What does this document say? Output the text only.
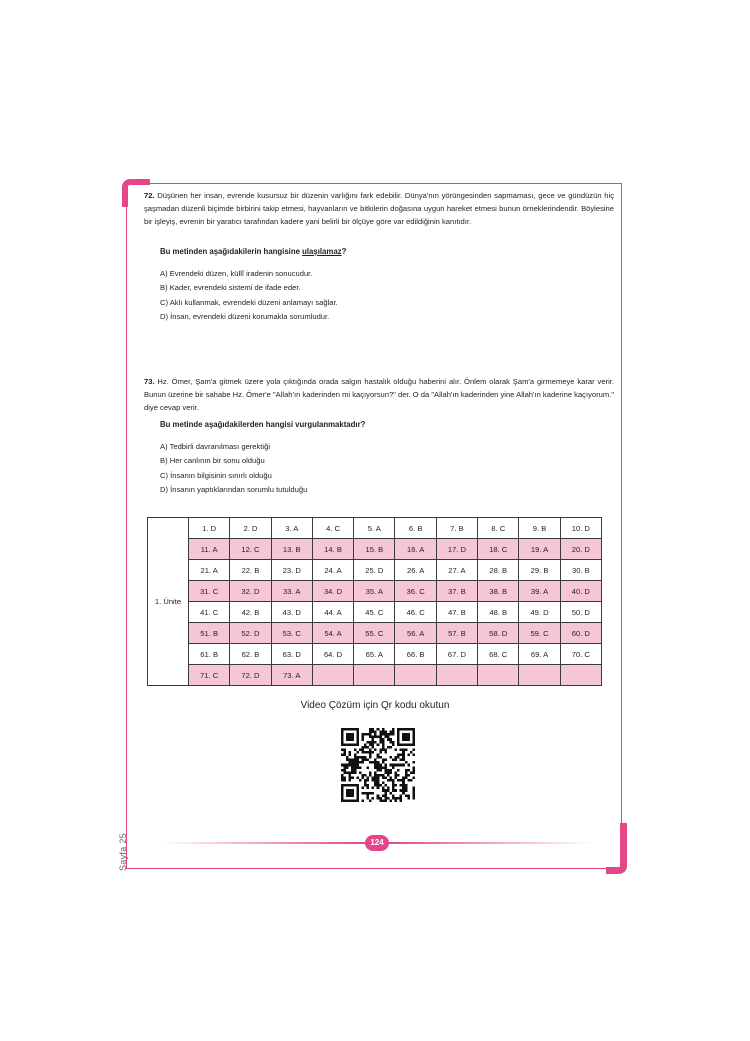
72. Düşünen her insan, evrende kusursuz bir düzenin varlığını fark edebilir. Dünya'nın yörüngesinden sapmaması, gece ve gündüzün hiç şaşmadan düzenli biçimde birbirini takip etmesi, hayvanların ve bitkilerin doğasına uygun hareket etmesi bunun örneklerindendir. Böylesine bir işleyiş, evrenin bir yaratıcı tarafından kadere yani belirli bir ölçüye göre var edildiğinin kanıtıdır.

Bu metinden aşağıdakilerin hangisine ulaşılamaz?
A) Evrendeki düzen, küllî iradenin sonucudur.
B) Kader, evrendeki sistemi de ifade eder.
C) Aklı kullanmak, evrendeki düzeni anlamayı sağlar.
D) İnsan, evrendeki düzeni korumakla sorumludur.

73. Hz. Ömer, Şam'a gitmek üzere yola çıktığında orada salgın hastalık olduğu haberini alır. Önlem olarak Şam'a girmemeye karar verir. Bunun üzerine bir sahabe Hz. Ömer'e "Allah'ın kaderinden mi kaçıyorsun?" der. O da "Allah'ın kaderinden yine Allah'ın kaderine kaçıyorum." diye cevap verir.

Bu metinde aşağıdakilerden hangisi vurgulanmaktadır?
A) Tedbirli davranılması gerektiği
B) Her canlının bir sonu olduğu
C) İnsanın bilgisinin sınırlı olduğu
D) İnsanın yaptıklarından sorumlu tutulduğu
1. Ünite	1. D	2. D	3. A	4. C	5. A	6. B	7. B	8. C	9. B	10. D
	11. A	12. C	13. B	14. B	15. B	16. A	17. D	18. C	19. A	20. D
	21. A	22. B	23. D	24. A	25. D	26. A	27. A	28. B	29. B	30. B
	31. C	32. D	33. A	34. D	35. A	36. C	37. B	38. B	39. A	40. D
	41. C	42. B	43. D	44. A	45. C	46. C	47. B	48. B	49. D	50. D
	51. B	52. D	53. C	54. A	55. C	56. A	57. B	58. D	59. C	60. D
	61. B	62. B	63. D	64. D	65. A	66. B	67. D	68. C	69. A	70. C
	71. C	72. D	73. A							
Video Çözüm için Qr kodu okutun
124
Sayfa 25
